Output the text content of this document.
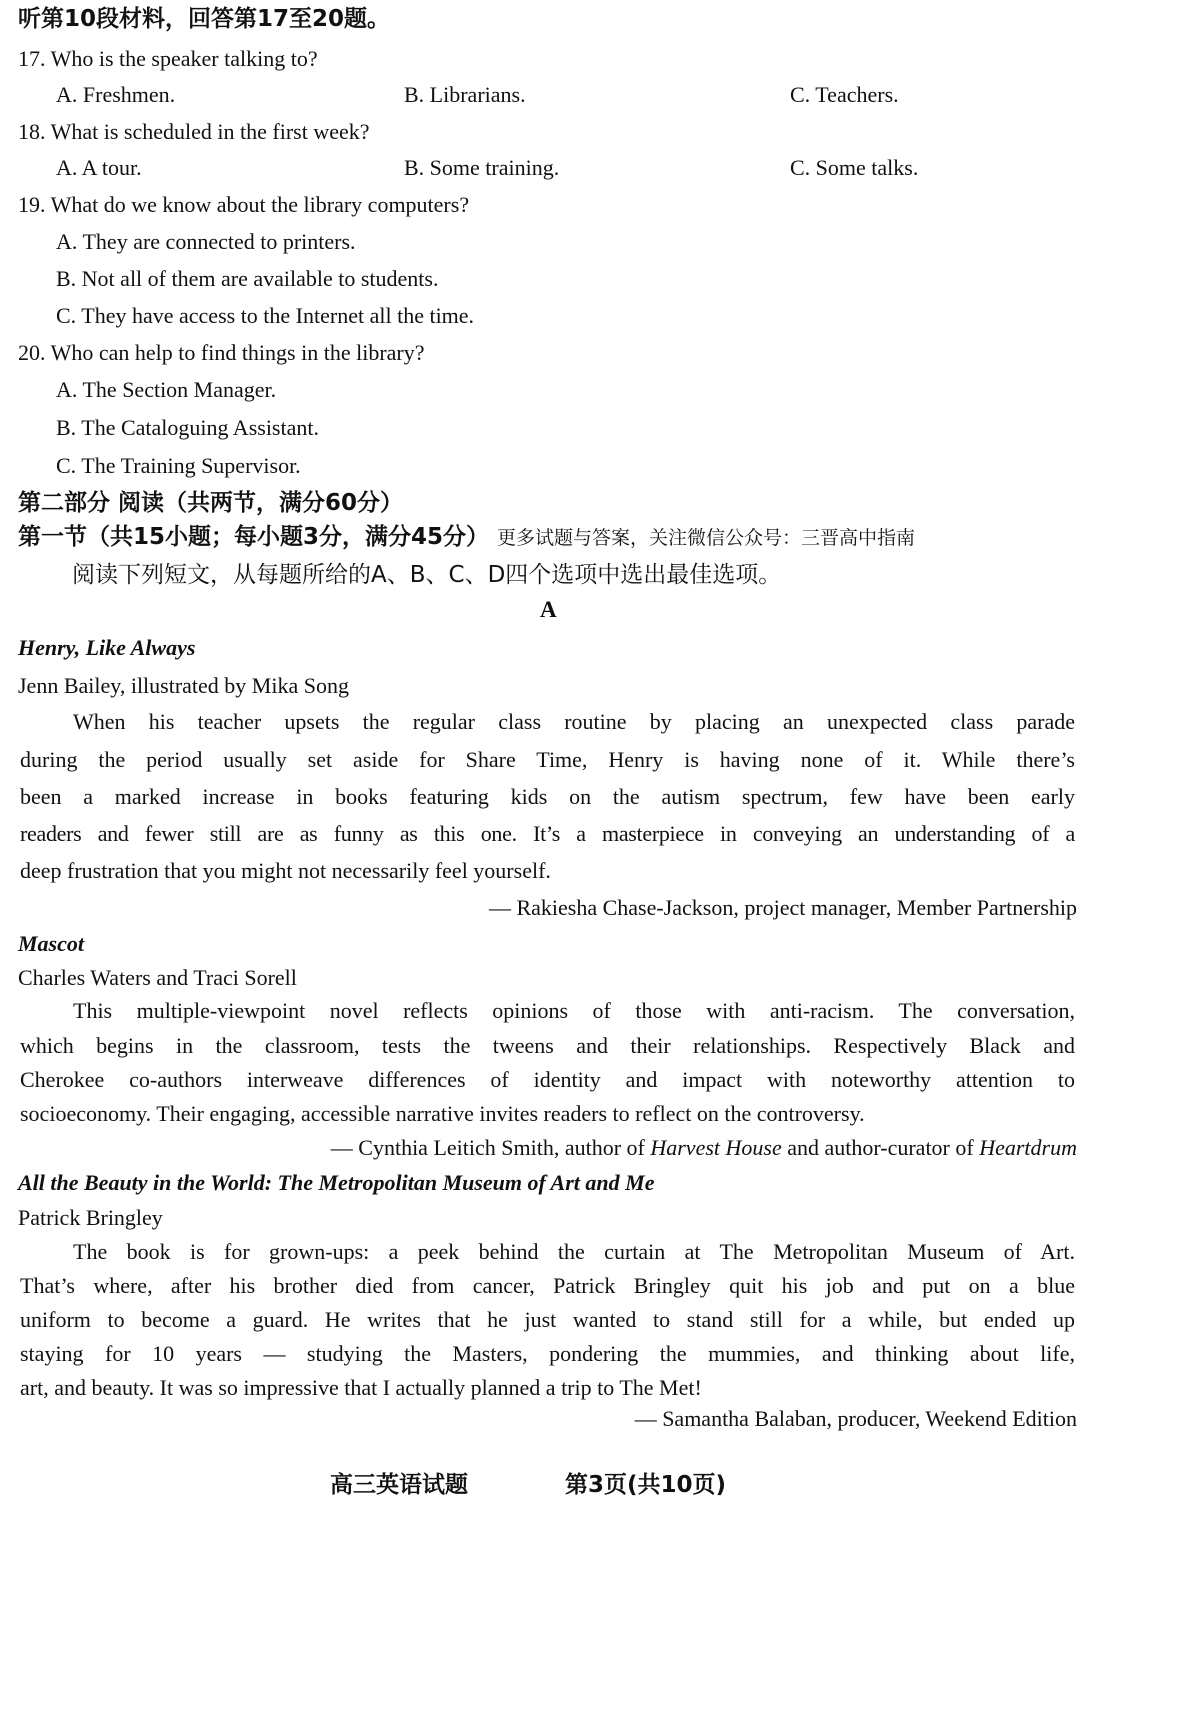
听第10段材料，回答第17至20题。
17. Who is the speaker talking to?
A. Freshmen.	B. Librarians.	C. Teachers.
18. What is scheduled in the first week?
A. A tour.	B. Some training.	C. Some talks.
19. What do we know about the library computers?
A. They are connected to printers.
B. Not all of them are available to students.
C. They have access to the Internet all the time.
20. Who can help to find things in the library?
A. The Section Manager.
B. The Cataloguing Assistant.
C. The Training Supervisor.
第二部分 阅读（共两节，满分60分）
第一节（共15小题；每小题3分，满分45分） 更多试题与答案，关注微信公众号：三晋高中指南
阅读下列短文，从每题所给的A、B、C、D四个选项中选出最佳选项。
A
Henry, Like Always
Jenn Bailey, illustrated by Mika Song
When his teacher upsets the regular class routine by placing an unexpected class parade
during the period usually set aside for Share Time, Henry is having none of it. While there’s
been a marked increase in books featuring kids on the autism spectrum, few have been early
readers and fewer still are as funny as this one. It’s a masterpiece in conveying an understanding of a
deep frustration that you might not necessarily feel yourself.
— Rakiesha Chase-Jackson, project manager, Member Partnership
Mascot
Charles Waters and Traci Sorell
This multiple-viewpoint novel reflects opinions of those with anti-racism. The conversation,
which begins in the classroom, tests the tweens and their relationships. Respectively Black and
Cherokee co-authors interweave differences of identity and impact with noteworthy attention to
socioeconomy. Their engaging, accessible narrative invites readers to reflect on the controversy.
— Cynthia Leitich Smith, author of Harvest House and author-curator of Heartdrum
All the Beauty in the World: The Metropolitan Museum of Art and Me
Patrick Bringley
The book is for grown-ups: a peek behind the curtain at The Metropolitan Museum of Art.
That’s where, after his brother died from cancer, Patrick Bringley quit his job and put on a blue
uniform to become a guard. He writes that he just wanted to stand still for a while, but ended up
staying for 10 years — studying the Masters, pondering the mummies, and thinking about life,
art, and beauty. It was so impressive that I actually planned a trip to The Met!
— Samantha Balaban, producer, Weekend Edition
高三英语试题	第3页(共10页)
